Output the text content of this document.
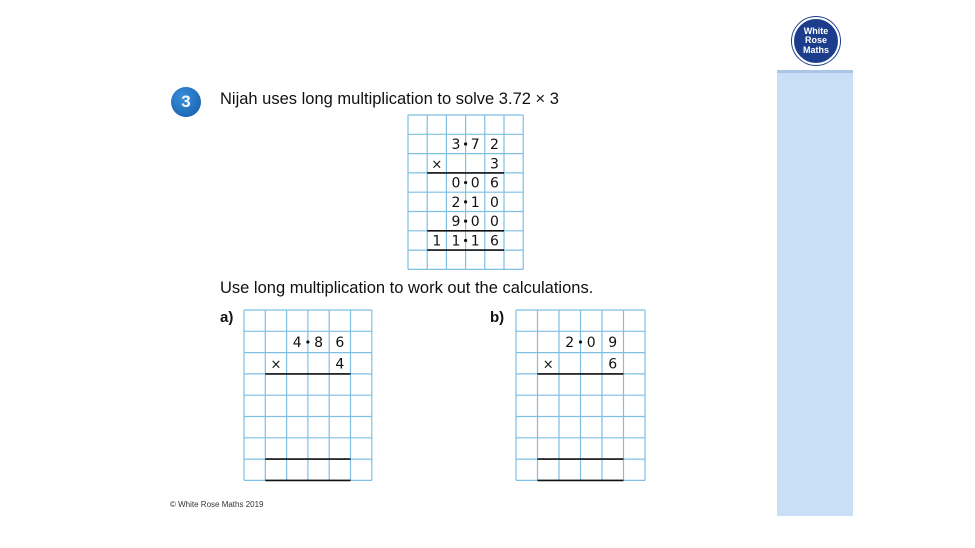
White
Rose
Maths
3	Nijah uses long multiplication to solve 3.72 × 3
Use long multiplication to work out the calculations.
a)	b)
3 7 2
×	3
0 0 6
2 1 0
9 0 0
1 1 1 6
4 8 6
×	4
2 0 9
×	6
© White Rose Maths 2019
